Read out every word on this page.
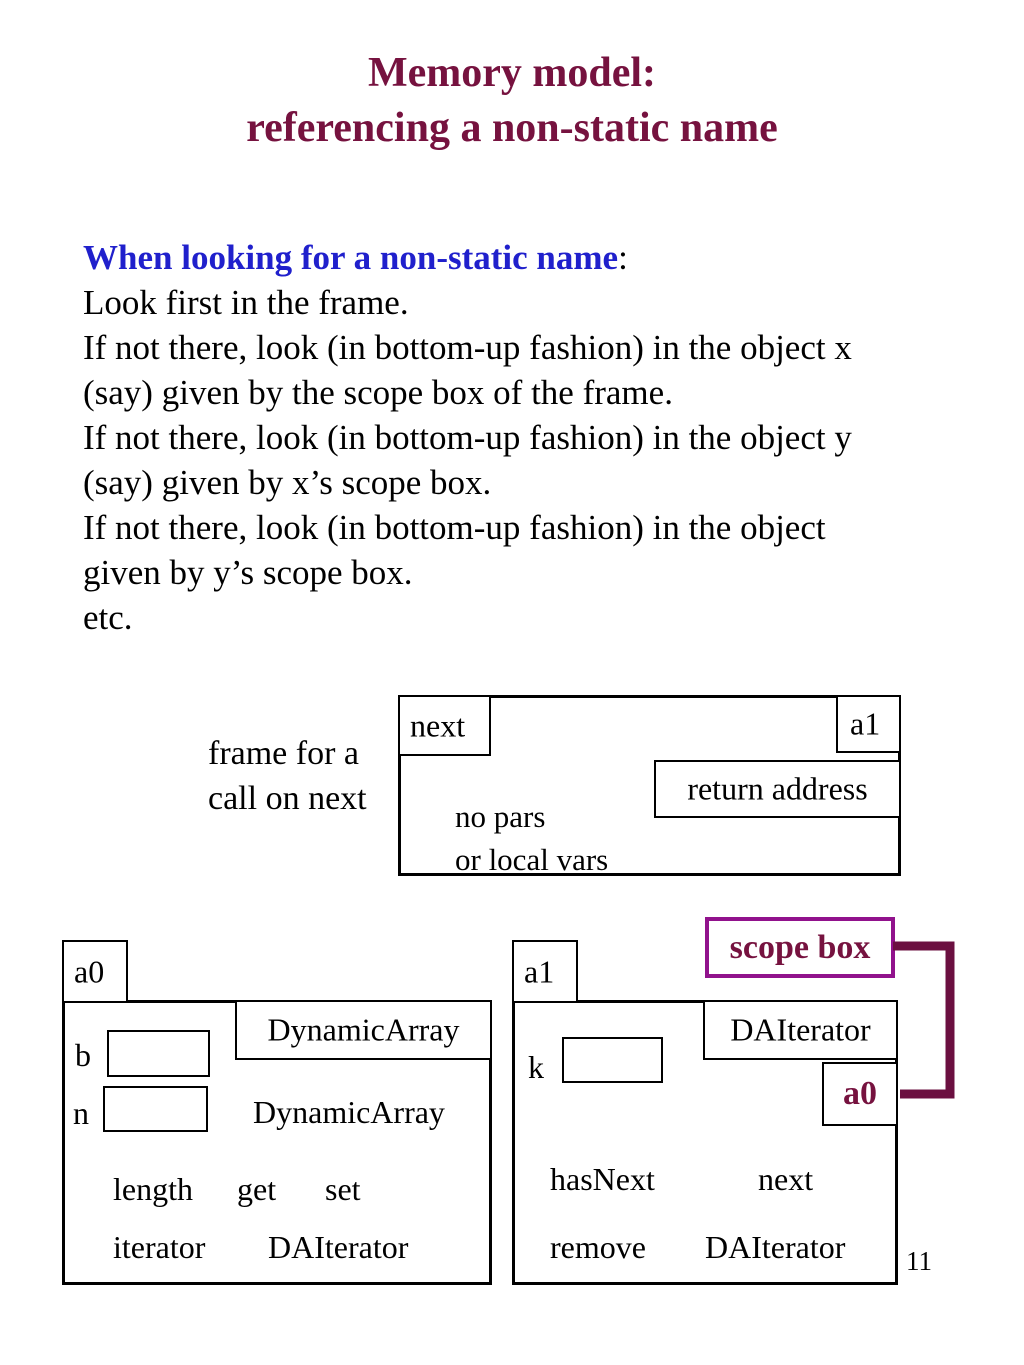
Memory model:
referencing a non-static name
When looking for a non-static name:
Look first in the frame.
If not there, look (in bottom-up fashion) in the object x
(say) given by the scope box of the frame.
If not there, look (in bottom-up fashion) in the object y
(say) given by x’s scope box.
If not there, look (in bottom-up fashion) in the object
given by y’s scope box.
etc.
frame for a
call on next
next	a1
return address
no pars
or local vars
a0
DynamicArray
b
n	DynamicArray
length get set
iterator DAIterator
a1
DAIterator
k
a0
hasNext	next
remove DAIterator
scope box
11
